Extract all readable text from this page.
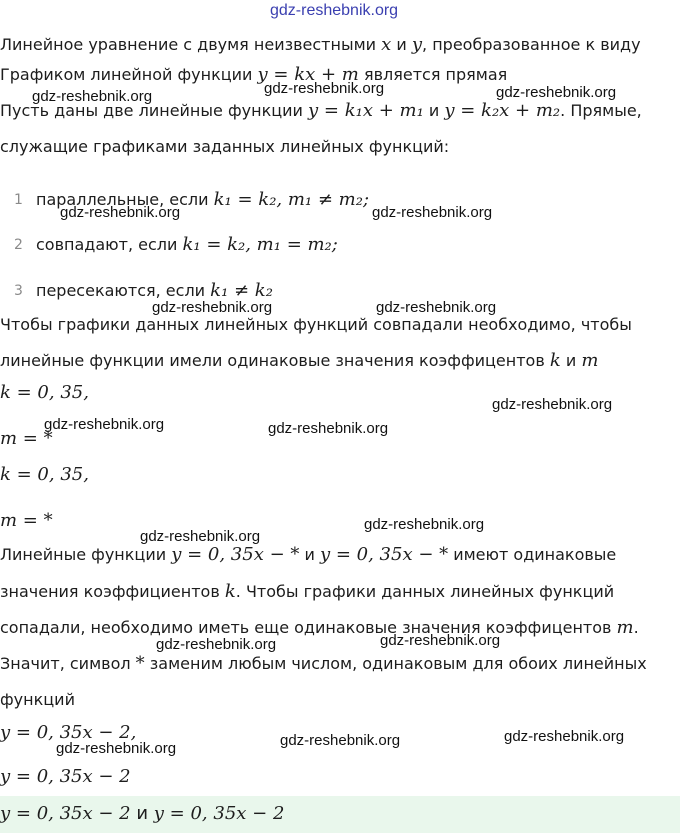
gdz-reshebnik.org
Линейное уравнение с двумя неизвестными x и y, преобразованное к виду
Графиком линейной функции y = kx + m является прямая
gdz-reshebnik.org	gdz-reshebnik.org	gdz-reshebnik.org
Пусть даны две линейные функции y = k₁x + m₁ и y = k₂x + m₂. Прямые,
служащие графиками заданных линейных функций:
1 параллельные, если k₁ = k₂, m₁ ≠ m₂;
gdz-reshebnik.org	gdz-reshebnik.org
2 совпадают, если k₁ = k₂, m₁ = m₂;
3 пересекаются, если k₁ ≠ k₂
gdz-reshebnik.org	gdz-reshebnik.org
Чтобы графики данных линейных функций совпадали необходимо, чтобы
линейные функции имели одинаковые значения коэффицентов k и m
k = 0, 35,
gdz-reshebnik.org
gdz-reshebnik.org	gdz-reshebnik.org
m = *
k = 0, 35,
m = *
gdz-reshebnik.org
gdz-reshebnik.org
Линейные функции y = 0, 35x − * и y = 0, 35x − * имеют одинаковые
значения коэффициентов k. Чтобы графики данных линейных функций
сопадали, необходимо иметь еще одинаковые значения коэффицентов m.
gdz-reshebnik.org	gdz-reshebnik.org
Значит, символ * заменим любым числом, одинаковым для обоих линейных
функций
y = 0, 35x − 2,
gdz-reshebnik.org	gdz-reshebnik.org	gdz-reshebnik.org
y = 0, 35x − 2
y = 0, 35x − 2 и y = 0, 35x − 2
